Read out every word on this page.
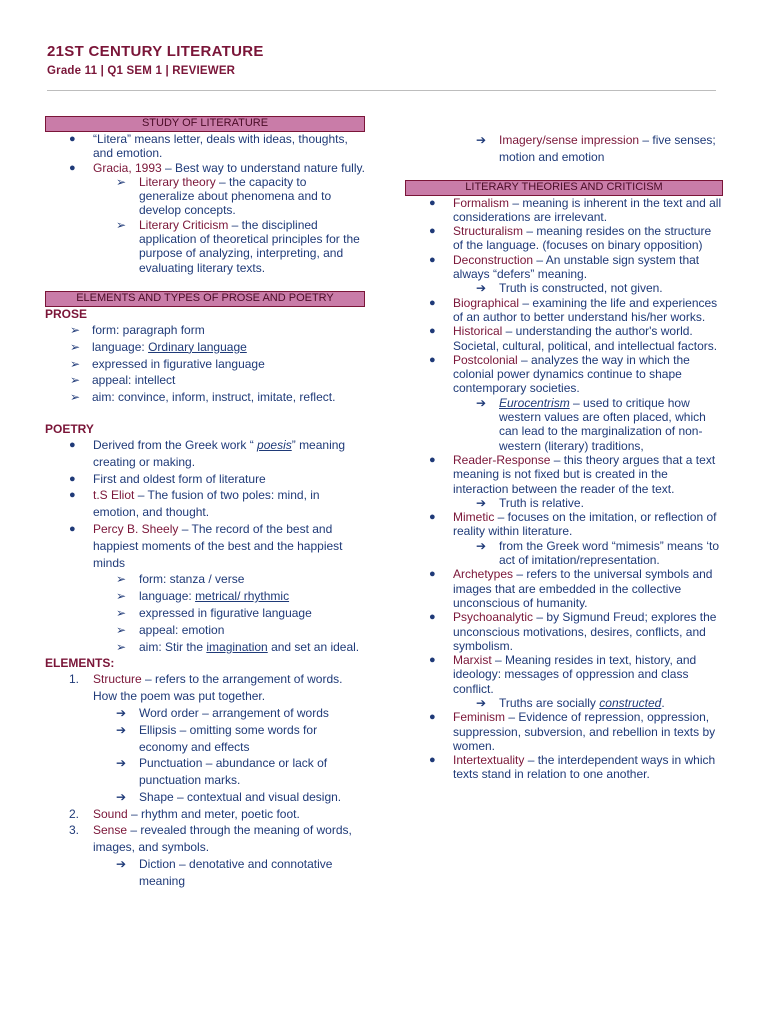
21ST CENTURY LITERATURE
Grade 11 | Q1 SEM 1 | REVIEWER
STUDY OF LITERATURE
● “Litera” means letter, deals with ideas, thoughts, and emotion.
● Gracia, 1993 – Best way to understand nature fully.
➢ Literary theory – the capacity to generalize about phenomena and to develop concepts.
➢ Literary Criticism – the disciplined application of theoretical principles for the purpose of analyzing, interpreting, and evaluating literary texts.
ELEMENTS AND TYPES OF PROSE AND POETRY
PROSE
➢ form: paragraph form
➢ language: Ordinary language
➢ expressed in figurative language
➢ appeal: intellect
➢ aim: convince, inform, instruct, imitate, reflect.
POETRY
● Derived from the Greek work “ poesis” meaning creating or making.
● First and oldest form of literature
● t.S Eliot – The fusion of two poles: mind, in emotion, and thought.
● Percy B. Sheely – The record of the best and happiest moments of the best and the happiest minds
➢ form: stanza / verse
➢ language: metrical/ rhythmic
➢ expressed in figurative language
➢ appeal: emotion
➢ aim: Stir the imagination and set an ideal.
ELEMENTS:
1. Structure – refers to the arrangement of words. How the poem was put together.
➔ Word order – arrangement of words
➔ Ellipsis – omitting some words for economy and effects
➔ Punctuation – abundance or lack of punctuation marks.
➔ Shape – contextual and visual design.
2. Sound – rhythm and meter, poetic foot.
3. Sense – revealed through the meaning of words, images, and symbols.
➔ Diction – denotative and connotative meaning
➔ Imagery/sense impression – five senses; motion and emotion
LITERARY THEORIES AND CRITICISM
● Formalism – meaning is inherent in the text and all considerations are irrelevant.
● Structuralism – meaning resides on the structure of the language. (focuses on binary opposition)
● Deconstruction – An unstable sign system that always “defers” meaning.
➔ Truth is constructed, not given.
● Biographical – examining the life and experiences of an author to better understand his/her works.
● Historical – understanding the author's world. Societal, cultural, political, and intellectual factors.
● Postcolonial – analyzes the way in which the colonial power dynamics continue to shape contemporary societies.
➔ Eurocentrism – used to critique how western values are often placed, which can lead to the marginalization of non-western (literary) traditions,
● Reader-Response – this theory argues that a text meaning is not fixed but is created in the interaction between the reader of the text.
➔ Truth is relative.
● Mimetic – focuses on the imitation, or reflection of reality within literature.
➔ from the Greek word “mimesis” means ‘to act of imitation/representation.
● Archetypes – refers to the universal symbols and images that are embedded in the collective unconscious of humanity.
● Psychoanalytic – by Sigmund Freud; explores the unconscious motivations, desires, conflicts, and symbolism.
● Marxist – Meaning resides in text, history, and ideology: messages of oppression and class conflict.
➔ Truths are socially constructed.
● Feminism – Evidence of repression, oppression, suppression, subversion, and rebellion in texts by women.
● Intertextuality – the interdependent ways in which texts stand in relation to one another.
